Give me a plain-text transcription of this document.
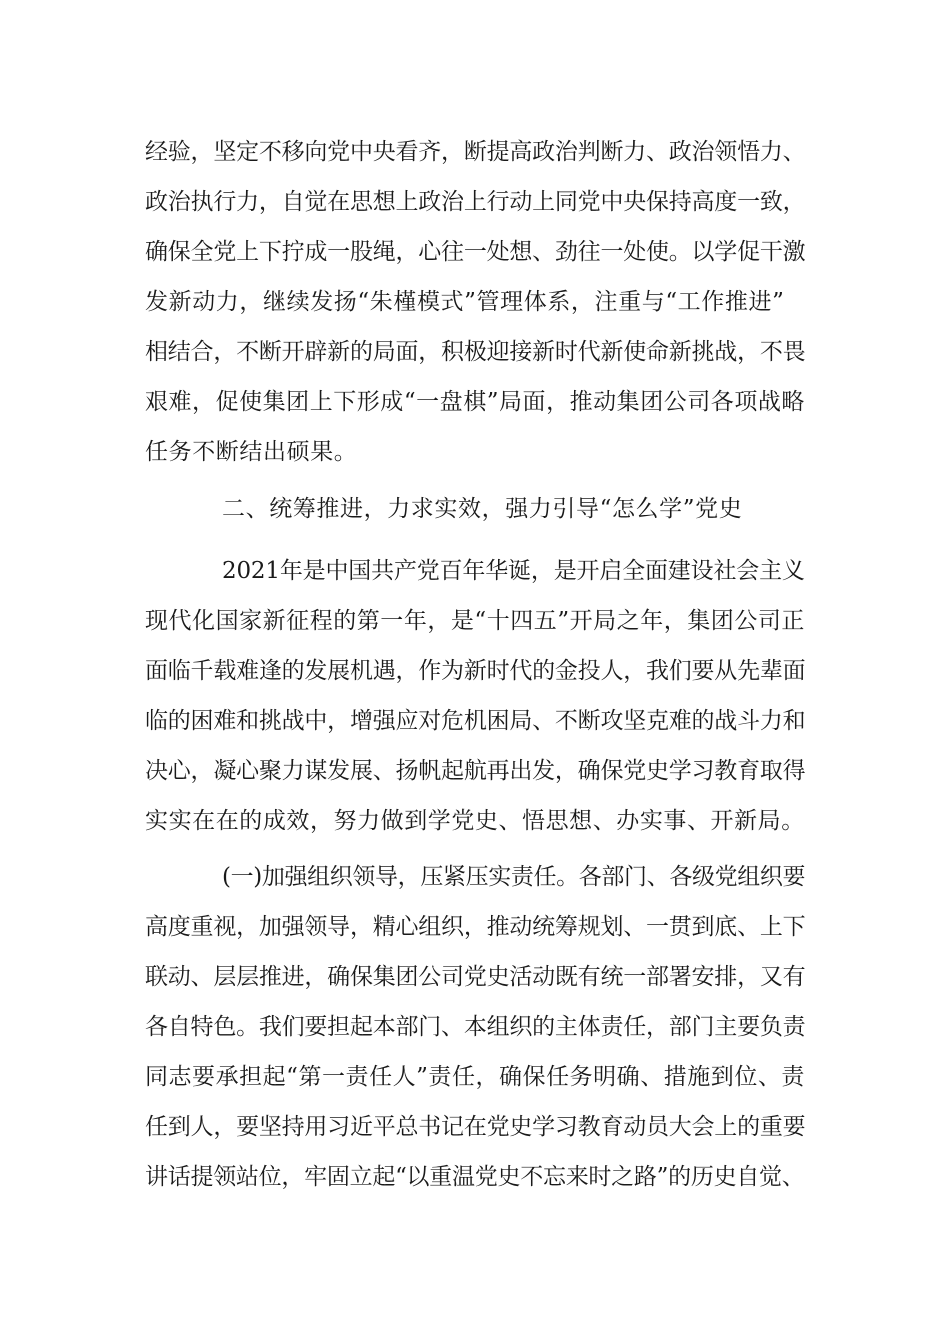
经验，坚定不移向党中央看齐，断提高政治判断力、政治领悟力、
政治执行力，自觉在思想上政治上行动上同党中央保持高度一致，
确保全党上下拧成一股绳，心往一处想、劲往一处使。以学促干激
发新动力，继续发扬“朱槿模式”管理体系，注重与“工作推进”
相结合，不断开辟新的局面，积极迎接新时代新使命新挑战，不畏
艰难，促使集团上下形成“一盘棋”局面，推动集团公司各项战略
任务不断结出硕果。
二、统筹推进，力求实效，强力引导“怎么学”党史
2021年是中国共产党百年华诞，是开启全面建设社会主义
现代化国家新征程的第一年，是“十四五”开局之年，集团公司正
面临千载难逢的发展机遇，作为新时代的金投人，我们要从先辈面
临的困难和挑战中，增强应对危机困局、不断攻坚克难的战斗力和
决心，凝心聚力谋发展、扬帆起航再出发，确保党史学习教育取得
实实在在的成效，努力做到学党史、悟思想、办实事、开新局。
(一)加强组织领导，压紧压实责任。各部门、各级党组织要
高度重视，加强领导，精心组织，推动统筹规划、一贯到底、上下
联动、层层推进，确保集团公司党史活动既有统一部署安排，又有
各自特色。我们要担起本部门、本组织的主体责任，部门主要负责
同志要承担起“第一责任人”责任，确保任务明确、措施到位、责
任到人，要坚持用习近平总书记在党史学习教育动员大会上的重要
讲话提领站位，牢固立起“以重温党史不忘来时之路”的历史自觉、
